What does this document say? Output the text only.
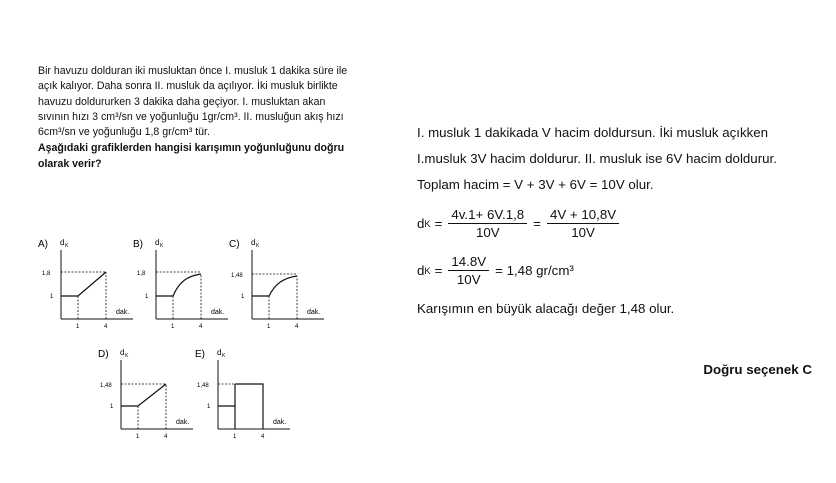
Bir havuzu dolduran iki musluktan önce I. musluk 1 dakika süre ile açık kalıyor. Daha sonra II. musluk da açılıyor. İki musluk birlikte havuzu doldururken 3 dakika daha geçiyor. I. musluktan akan sıvının hızı 3 cm³/sn ve yoğunluğu 1gr/cm³. II. musluğun akış hızı 6cm³/sn ve yoğunluğu 1,8 gr/cm³ tür.

Aşağıdaki grafiklerden hangisi karışımın yoğunluğunu doğru olarak verir?

A) d K
1,8
1
1	4
dak.
B) d K
1,8
1
1	4
dak.
C) d K
1,48
1
1	4
dak.
D) d K
1,48
1
1	4
dak.
E) d K
1,48
1
1	4
dak.

I. musluk 1 dakikada V hacim doldursun. İki musluk açıkken I.musluk 3V hacim doldurur. II. musluk ise 6V hacim doldurur. Toplam hacim = V + 3V + 6V = 10V olur.

d $K = \frac{4v.1+ 6V.1,8}{10V} = \frac{4V + 10,8V}{10V}$
d $K = \frac{14.8V}{10V} = 1,48$ gr/cm³

Karışımın en büyük alacağı değer 1,48 olur.

Doğru seçenek C
